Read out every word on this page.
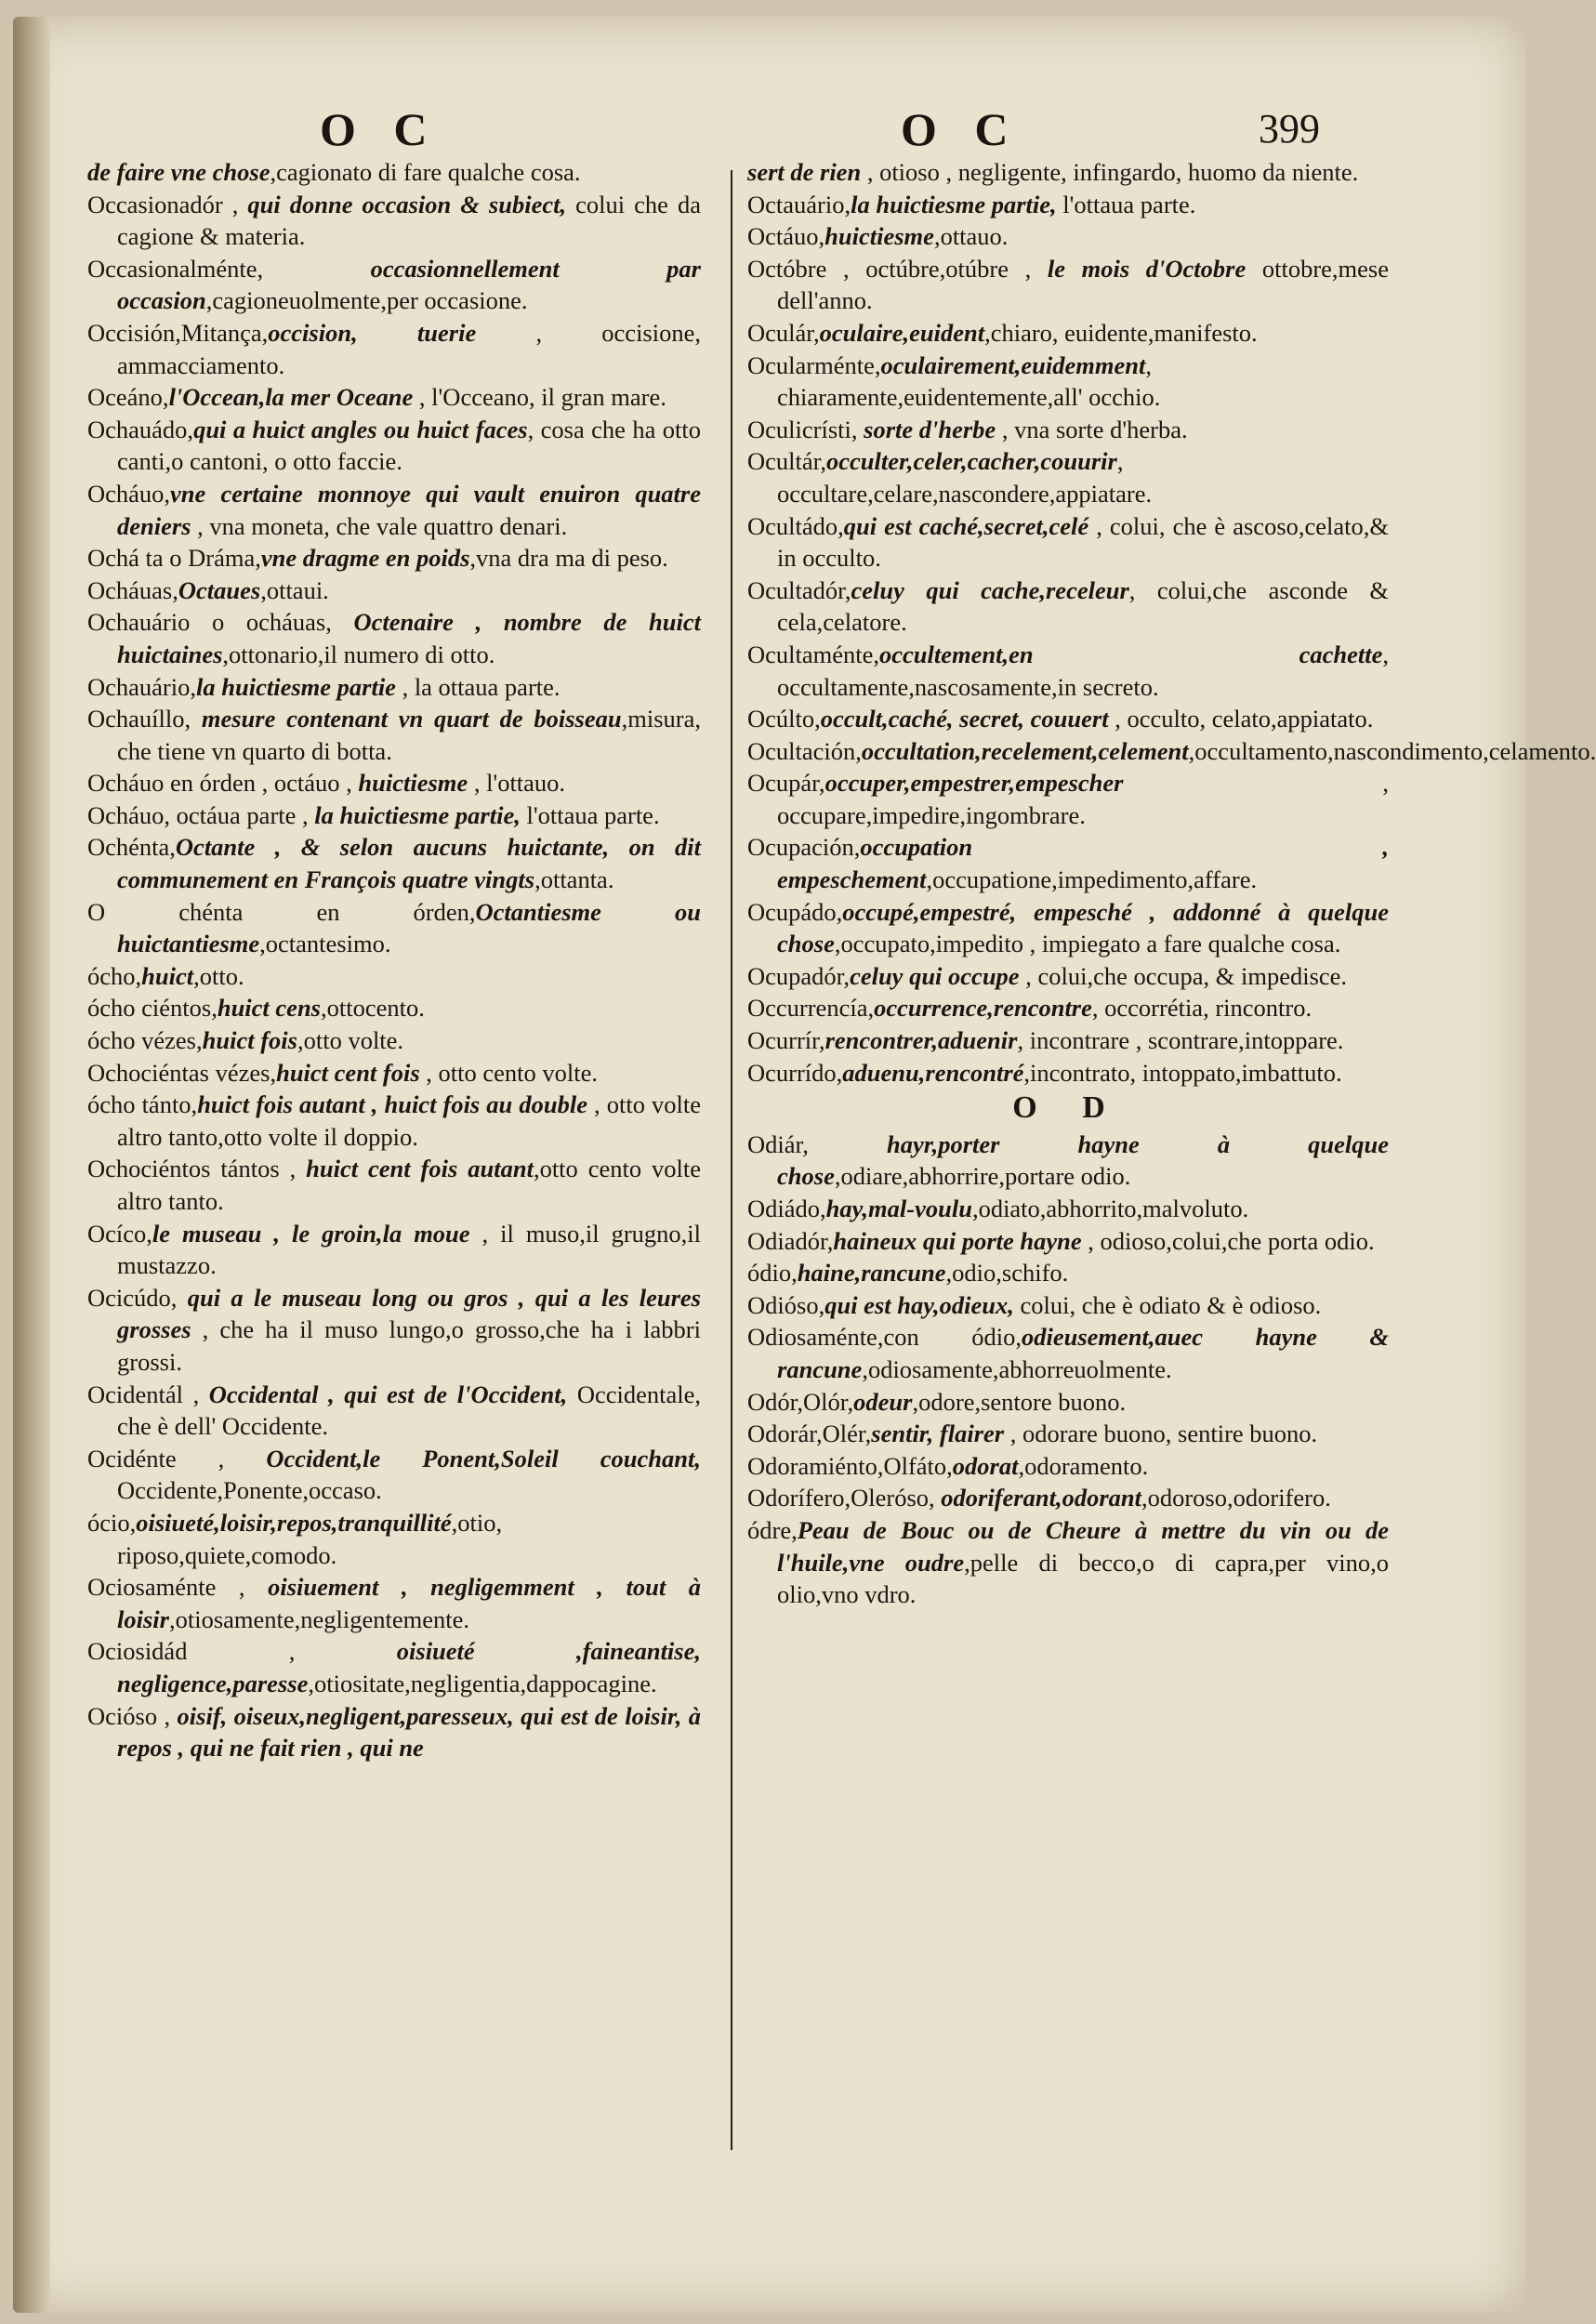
O C	O C	399

de faire vne chose,cagionato di fare qualche cosa.

Occasionadór , qui donne occasion & subiect, colui che da cagione & materia.

Occasionalménte, occasionnellement par occasion,cagioneuolmente,per occasione.

Occisión,Mitança,occision, tuerie , occisione, ammacciamento.

Oceáno,l'Occean,la mer Oceane , l'Occeano, il gran mare.

Ochauádo,qui a huict angles ou huict faces, cosa che ha otto canti,o cantoni, o otto faccie.

Ocháuo,vne certaine monnoye qui vault enuiron quatre deniers , vna moneta, che vale quattro denari.

Ochá ta o Dráma,vne dragme en poids,vna dra ma di peso.

Ocháuas,Octaues,ottaui.

Ochauário o ocháuas, Octenaire , nombre de huict huictaines,ottonario,il numero di otto.

Ochauário,la huictiesme partie , la ottaua parte.

Ochauíllo, mesure contenant vn quart de boisseau,misura, che tiene vn quarto di botta.

Ocháuo en órden , octáuo , huictiesme , l'ottauo.

Ocháuo, octáua parte , la huictiesme partie, l'ottaua parte.

Ochénta,Octante , & selon aucuns huictante, on dit communement en François quatre vingts,ottanta.

O chénta en órden,Octantiesme ou huictantiesme,octantesimo.

ócho,huict,otto.

ócho ciéntos,huict cens,ottocento.

ócho vézes,huict fois,otto volte.

Ochociéntas vézes,huict cent fois , otto cento volte.

ócho tánto,huict fois autant , huict fois au double , otto volte altro tanto,otto volte il doppio.

Ochociéntos tántos , huict cent fois autant,otto cento volte altro tanto.

Ocíco,le museau , le groin,la moue , il muso,il grugno,il mustazzo.

Ocicúdo, qui a le museau long ou gros , qui a les leures grosses , che ha il muso lungo,o grosso,che ha i labbri grossi.

Ocidentál , Occidental , qui est de l'Occident, Occidentale, che è dell' Occidente.

Ocidénte , Occident,le Ponent,Soleil couchant, Occidente,Ponente,occaso.

ócio,oisiueté,loisir,repos,tranquillité,otio, riposo,quiete,comodo.

Ociosaménte , oisiuement , negligemment , tout à loisir,otiosamente,negligentemente.

Ociosidád , oisiueté ,faineantise, negligence,paresse,otiositate,negligentia,dappocagine.

Ocióso , oisif, oiseux,negligent,paresseux, qui est de loisir, à repos , qui ne fait rien , qui ne

sert de rien , otioso , negligente, infingardo, huomo da niente.

Octauário,la huictiesme partie, l'ottaua parte.

Octáuo,huictiesme,ottauo.

Octóbre , octúbre,otúbre , le mois d'Octobre ottobre,mese dell'anno.

Oculár,oculaire,euident,chiaro, euidente,manifesto.

Ocularménte,oculairement,euidemment, chiaramente,euidentemente,all' occhio.

Oculicrísti, sorte d'herbe , vna sorte d'herba.

Ocultár,occulter,celer,cacher,couurir, occultare,celare,nascondere,appiatare.

Ocultádo,qui est caché,secret,celé , colui, che è ascoso,celato,& in occulto.

Ocultadór,celuy qui cache,receleur, colui,che asconde & cela,celatore.

Ocultaménte,occultement,en cachette, occultamente,nascosamente,in secreto.

Ocúlto,occult,caché, secret, couuert , occulto, celato,appiatato.

Ocultación,occultation,recelement,celement,occultamento,nascondimento,celamento.

Ocupár,occuper,empestrer,empescher , occupare,impedire,ingombrare.

Ocupación,occupation , empeschement,occupatione,impedimento,affare.

Ocupádo,occupé,empestré, empesché , addonné à quelque chose,occupato,impedito , impiegato a fare qualche cosa.

Ocupadór,celuy qui occupe , colui,che occupa, & impedisce.

Occurrencía,occurrence,rencontre, occorrétia, rincontro.

Ocurrír,rencontrer,aduenir, incontrare , scontrare,intoppare.

Ocurrído,aduenu,rencontré,incontrato, intoppato,imbattuto.

O D

Odiár, hayr,porter hayne à quelque chose,odiare,abhorrire,portare odio.

Odiádo,hay,mal-voulu,odiato,abhorrito,malvoluto.

Odiadór,haineux qui porte hayne , odioso,colui,che porta odio.

ódio,haine,rancune,odio,schifo.

Odióso,qui est hay,odieux, colui, che è odiato & è odioso.

Odiosaménte,con ódio,odieusement,auec hayne & rancune,odiosamente,abhorreuolmente.

Odór,Olór,odeur,odore,sentore buono.

Odorár,Olér,sentir, flairer , odorare buono, sentire buono.

Odoramiénto,Olfáto,odorat,odoramento.

Odorífero,Oleróso, odoriferant,odorant,odoroso,odorifero.

ódre,Peau de Bouc ou de Cheure à mettre du vin ou de l'huile,vne oudre,pelle di becco,o di capra,per vino,o olio,vno vdro.
